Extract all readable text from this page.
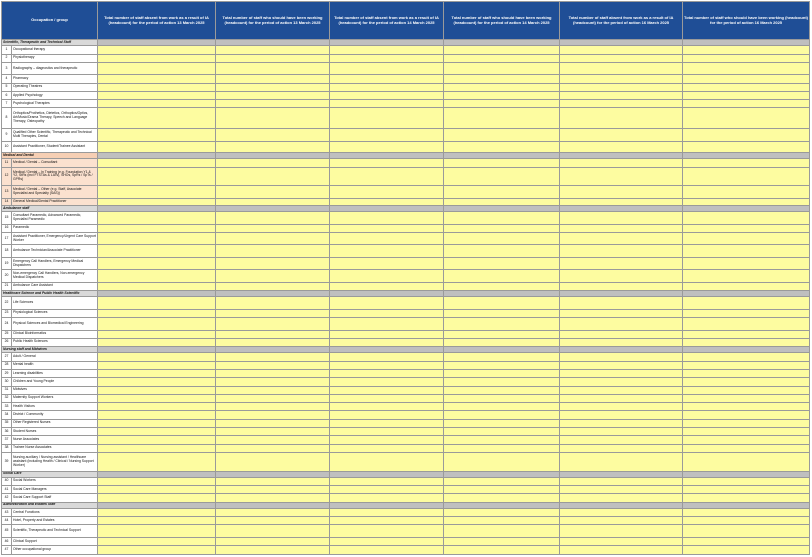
Occupation / group		Total number of staff absent from work as a result of IA (headcount) for the period of action 13 March 2025	Total number of staff who should have been working (headcount) for the period of action 13 March 2025	Total number of staff absent from work as a result of IA (headcount) for the period of action 14 March 2025	Total number of staff who should have been working (headcount) for the period of action 14 March 2025	Total number of staff absent from work as a result of IA (headcount) for the period of action 16 March 2025	Total number of staff who should have been working (headcount) for the period of action 16 March 2025
Scientific, Therapeutic and Technical Staff							
1	Occupational therapy						
2	Physiotherapy						
3	Radiography – diagnostics and therapeutic						
4	Pharmacy						
5	Operating Theatres						
6	Applied Psychology						
7	Psychological Therapies						
8	Orthoptics/Prothetics, Dietetics, Orthoptics/Optics, Art/Music/Drama Therapy, Speech and Language Therapy, Osteopathy						
9	Qualified Other Scientific, Therapeutic and Technical Multi Therapies, Dental						
10	Assistant Practitioner, Student/Trainee Assistant						
Medical and Dental							
11	Medical / Dental – Consultant						
12	Medical / Dental – In Training (e.g. Foundation Y1 & Y2, StRs (incl FTSTAs & LATs), SHOs, SpRs / SpTs / GPRs)						
13	Medical / Dental – Other (e.g. Staff, Associate Specialist and Specialty (SAS))						
14	General Medical/Dental Practitioner						
Ambulance staff							
15	Consultant Paramedic, Advanced Paramedic, Specialist Paramedic						
16	Paramedic						
17	Assistant Practitioner, Emergency/Urgent Care Support Worker						
18	Ambulance Technician/Associate Practitioner						
19	Emergency Call Handlers, Emergency Medical Dispatchers						
20	Non-emergency Call Handlers, Non-emergency Medical Dispatchers						
21	Ambulance Care Assistant						
Healthcare Science and Public Health Scientific							
22	Life Sciences						
23	Physiological Sciences						
24	Physical Sciences and Biomedical Engineering						
25	Clinical Bioinformatics						
26	Public Health Sciences						
Nursing staff and Midwives							
27	Adult / General						
28	Mental health						
29	Learning disabilities						
30	Children and Young People						
31	Midwives						
32	Maternity Support Workers						
33	Health Visitors						
34	District / Community						
35	Other Registered Nurses						
36	Student Nurses						
37	Nurse Associates						
38	Trainee Nurse Associates						
39	Nursing auxiliary / Nursing assistant / Healthcare assistant (including Health / Clinical / Nursing Support Worker)						
Social Care							
40	Social Workers						
41	Social Care Managers						
42	Social Care Support Staff						
Administration and Estates Staff							
43	Central Functions						
44	Hotel, Property and Estates						
45	Scientific, Therapeutic and Technical Support						
46	Clinical Support						
47	Other occupational group						
